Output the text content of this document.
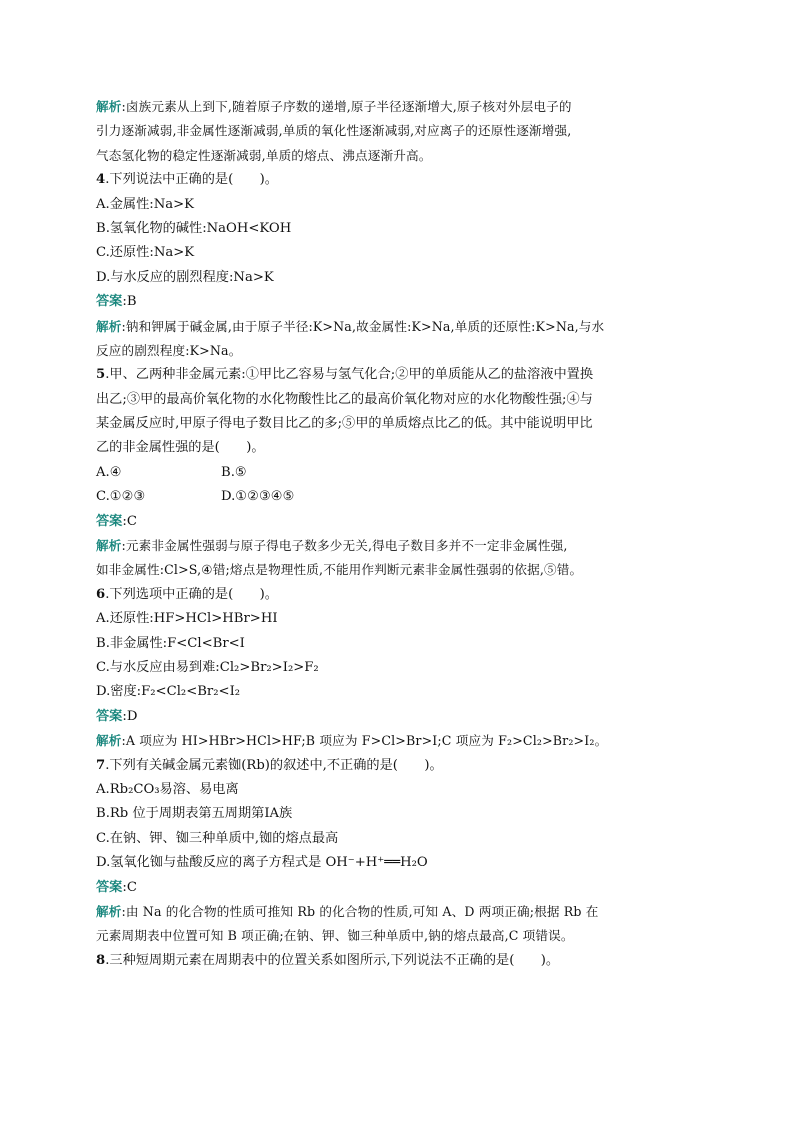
解析:卤族元素从上到下,随着原子序数的递增,原子半径逐渐增大,原子核对外层电子的
引力逐渐减弱,非金属性逐渐减弱,单质的氧化性逐渐减弱,对应离子的还原性逐渐增强,
气态氢化物的稳定性逐渐减弱,单质的熔点、沸点逐渐升高。
4.下列说法中正确的是(　　)。
A.金属性:Na>K
B.氢氧化物的碱性:NaOH<KOH
C.还原性:Na>K
D.与水反应的剧烈程度:Na>K
答案:B
解析:钠和钾属于碱金属,由于原子半径:K>Na,故金属性:K>Na,单质的还原性:K>Na,与水
反应的剧烈程度:K>Na。
5.甲、乙两种非金属元素:①甲比乙容易与氢气化合;②甲的单质能从乙的盐溶液中置换
出乙;③甲的最高价氧化物的水化物酸性比乙的最高价氧化物对应的水化物酸性强;④与
某金属反应时,甲原子得电子数目比乙的多;⑤甲的单质熔点比乙的低。其中能说明甲比
乙的非金属性强的是(　　)。
A.④	B.⑤
C.①②③	D.①②③④⑤
答案:C
解析:元素非金属性强弱与原子得电子数多少无关,得电子数目多并不一定非金属性强,
如非金属性:Cl>S,④错;熔点是物理性质,不能用作判断元素非金属性强弱的依据,⑤错。
6.下列选项中正确的是(　　)。
A.还原性:HF>HCl>HBr>HI
B.非金属性:F<Cl<Br<I
C.与水反应由易到难:Cl₂>Br₂>I₂>F₂
D.密度:F₂<Cl₂<Br₂<I₂
答案:D
解析:A 项应为 HI>HBr>HCl>HF;B 项应为 F>Cl>Br>I;C 项应为 F₂>Cl₂>Br₂>I₂。
7.下列有关碱金属元素铷(Rb)的叙述中,不正确的是(　　)。
A.Rb₂CO₃易溶、易电离
B.Rb 位于周期表第五周期第ⅠA族
C.在钠、钾、铷三种单质中,铷的熔点最高
D.氢氧化铷与盐酸反应的离子方程式是 OH⁻+H⁺══H₂O
答案:C
解析:由 Na 的化合物的性质可推知 Rb 的化合物的性质,可知 A、D 两项正确;根据 Rb 在
元素周期表中位置可知 B 项正确;在钠、钾、铷三种单质中,钠的熔点最高,C 项错误。
8.三种短周期元素在周期表中的位置关系如图所示,下列说法不正确的是(　　)。
